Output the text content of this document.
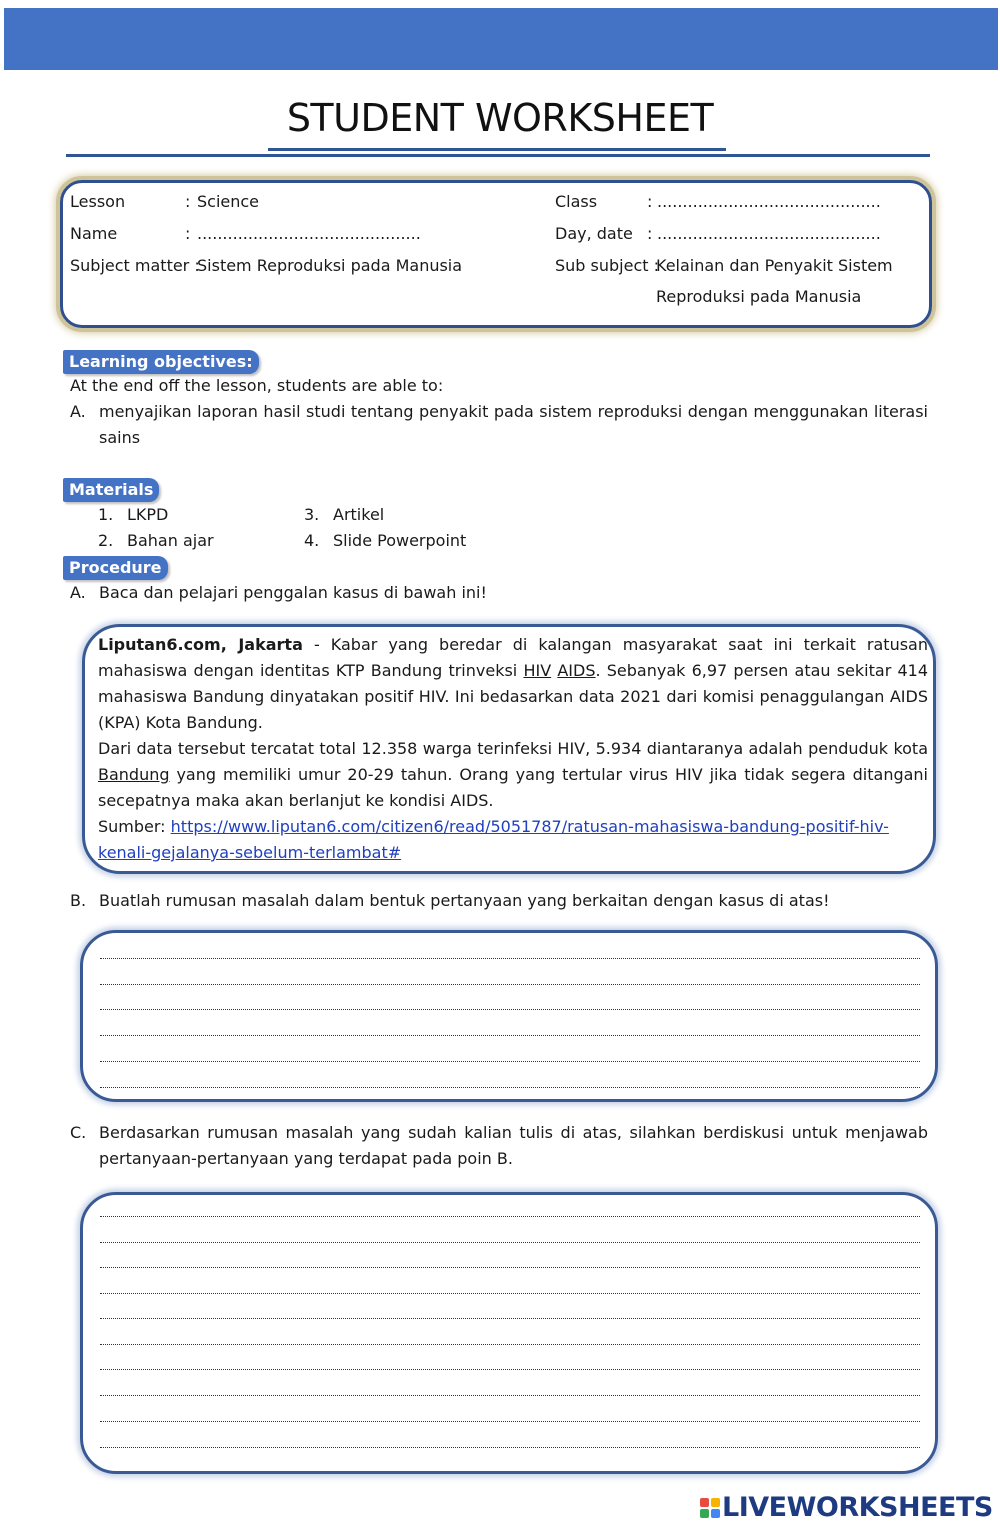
STUDENT WORKSHEET
Lesson	: Science
Name	: ............................................
Subject matter :
Sistem Reproduksi pada Manusia
Class	: ............................................
Day, date : ............................................
Sub subject :
Kelainan dan Penyakit Sistem
Reproduksi pada Manusia
Learning objectives:
At the end off the lesson, students are able to:
A. menyajikan laporan hasil studi tentang penyakit pada sistem reproduksi dengan menggunakan literasi
sains
Materials
1. LKPD
2. Bahan ajar
3. Artikel
4. Slide Powerpoint
Procedure
A. Baca dan pelajari penggalan kasus di bawah ini!
Liputan6.com, Jakarta - Kabar yang beredar di kalangan masyarakat saat ini terkait ratusan mahasiswa dengan identitas KTP Bandung trinveksi HIV AIDS. Sebanyak 6,97 persen atau sekitar 414 mahasiswa Bandung dinyatakan positif HIV. Ini bedasarkan data 2021 dari komisi penaggulangan AIDS (KPA) Kota Bandung.
Dari data tersebut tercatat total 12.358 warga terinfeksi HIV, 5.934 diantaranya adalah penduduk kota Bandung yang memiliki umur 20-29 tahun. Orang yang tertular virus HIV jika tidak segera ditangani secepatnya maka akan berlanjut ke kondisi AIDS.
Sumber: https://www.liputan6.com/citizen6/read/5051787/ratusan-mahasiswa-bandung-positif-hiv-
kenali-gejalanya-sebelum-terlambat#
B. Buatlah rumusan masalah dalam bentuk pertanyaan yang berkaitan dengan kasus di atas!
C. Berdasarkan rumusan masalah yang sudah kalian tulis di atas, silahkan berdiskusi untuk menjawab
pertanyaan-pertanyaan yang terdapat pada poin B.
LIVEWORKSHEETS
